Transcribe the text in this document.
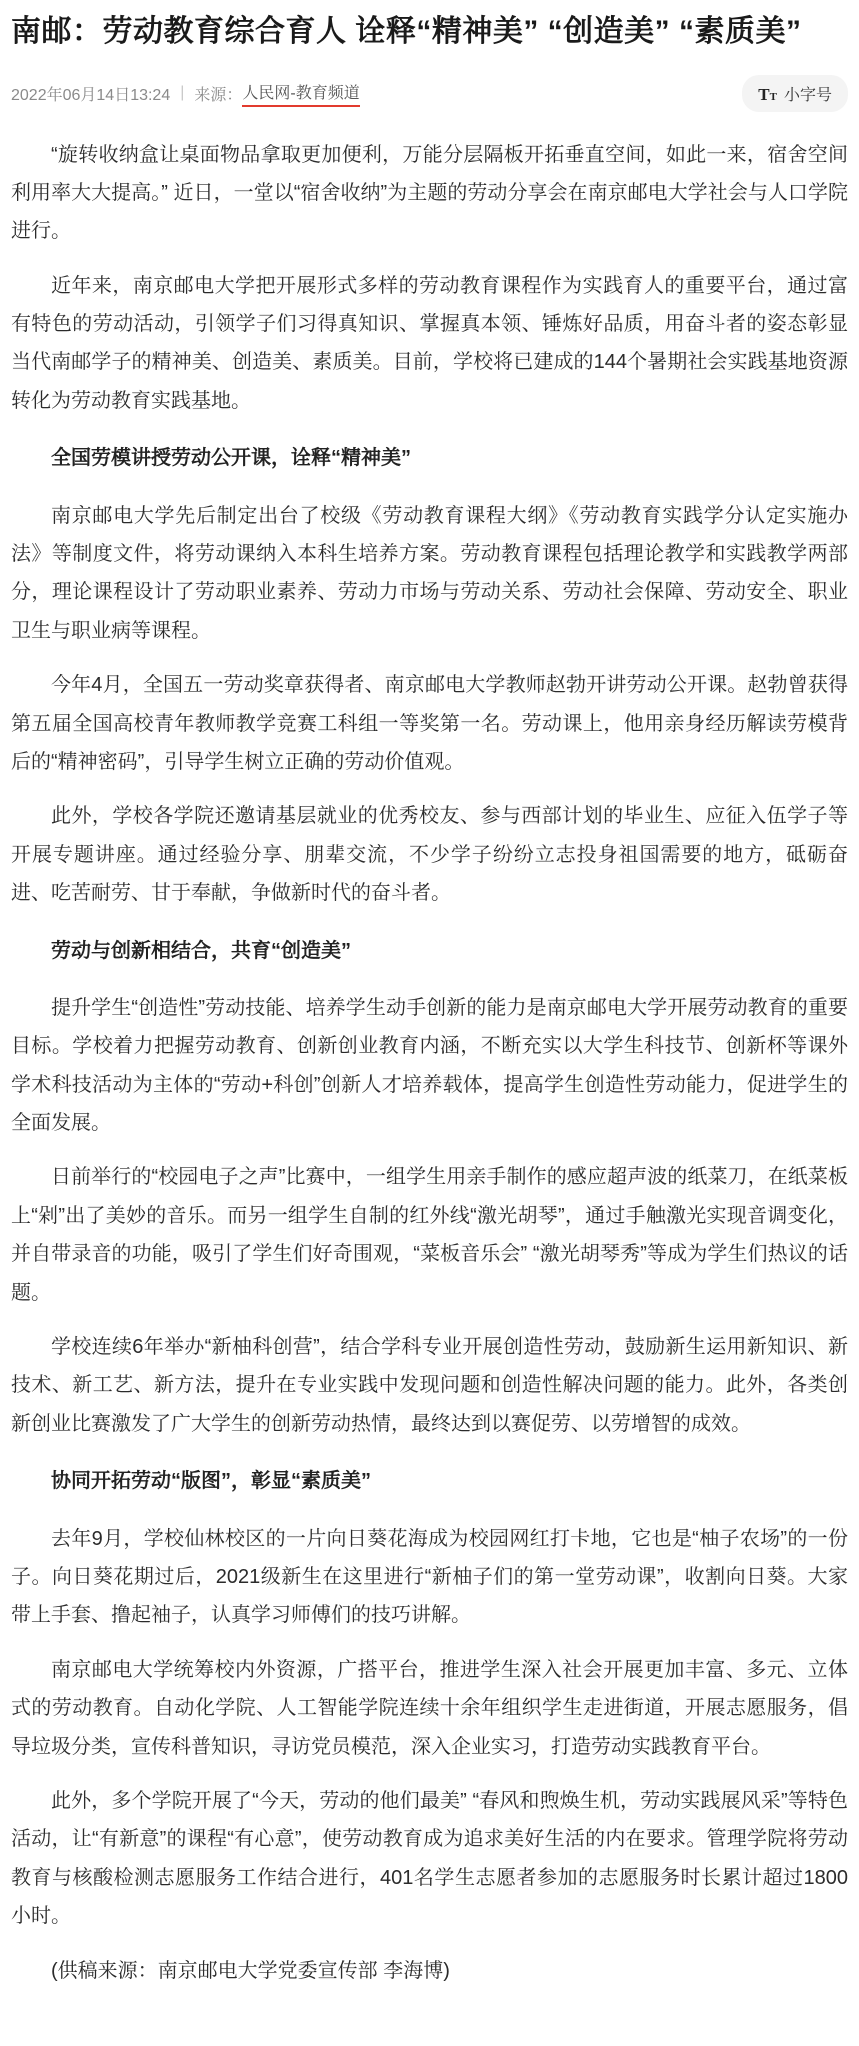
南邮：劳动教育综合育人 诠释“精神美” “创造美” “素质美”
2022年06月14日13:24 | 来源： 人民网-教育频道	TT 小字号

“旋转收纳盒让桌面物品拿取更加便利，万能分层隔板开拓垂直空间，如此一来，宿舍空间利用率大大提高。” 近日，一堂以“宿舍收纳”为主题的劳动分享会在南京邮电大学社会与人口学院进行。

近年来，南京邮电大学把开展形式多样的劳动教育课程作为实践育人的重要平台，通过富有特色的劳动活动，引领学子们习得真知识、掌握真本领、锤炼好品质，用奋斗者的姿态彰显当代南邮学子的精神美、创造美、素质美。目前，学校将已建成的144个暑期社会实践基地资源转化为劳动教育实践基地。

全国劳模讲授劳动公开课，诠释“精神美”

南京邮电大学先后制定出台了校级《劳动教育课程大纲》《劳动教育实践学分认定实施办法》等制度文件，将劳动课纳入本科生培养方案。劳动教育课程包括理论教学和实践教学两部分，理论课程设计了劳动职业素养、劳动力市场与劳动关系、劳动社会保障、劳动安全、职业卫生与职业病等课程。

今年4月，全国五一劳动奖章获得者、南京邮电大学教师赵勃开讲劳动公开课。赵勃曾获得第五届全国高校青年教师教学竞赛工科组一等奖第一名。劳动课上，他用亲身经历解读劳模背后的“精神密码”，引导学生树立正确的劳动价值观。

此外，学校各学院还邀请基层就业的优秀校友、参与西部计划的毕业生、应征入伍学子等开展专题讲座。通过经验分享、朋辈交流，不少学子纷纷立志投身祖国需要的地方，砥砺奋进、吃苦耐劳、甘于奉献，争做新时代的奋斗者。

劳动与创新相结合，共育“创造美”

提升学生“创造性”劳动技能、培养学生动手创新的能力是南京邮电大学开展劳动教育的重要目标。学校着力把握劳动教育、创新创业教育内涵，不断充实以大学生科技节、创新杯等课外学术科技活动为主体的“劳动+科创”创新人才培养载体，提高学生创造性劳动能力，促进学生的全面发展。

日前举行的“校园电子之声”比赛中，一组学生用亲手制作的感应超声波的纸菜刀，在纸菜板上“剁”出了美妙的音乐。而另一组学生自制的红外线“激光胡琴”，通过手触激光实现音调变化，并自带录音的功能，吸引了学生们好奇围观，“菜板音乐会” “激光胡琴秀”等成为学生们热议的话题。

学校连续6年举办“新柚科创营”，结合学科专业开展创造性劳动，鼓励新生运用新知识、新技术、新工艺、新方法，提升在专业实践中发现问题和创造性解决问题的能力。此外，各类创新创业比赛激发了广大学生的创新劳动热情，最终达到以赛促劳、以劳增智的成效。

协同开拓劳动“版图”，彰显“素质美”

去年9月，学校仙林校区的一片向日葵花海成为校园网红打卡地，它也是“柚子农场”的一份子。向日葵花期过后，2021级新生在这里进行“新柚子们的第一堂劳动课”，收割向日葵。大家带上手套、撸起袖子，认真学习师傅们的技巧讲解。

南京邮电大学统筹校内外资源，广搭平台，推进学生深入社会开展更加丰富、多元、立体式的劳动教育。自动化学院、人工智能学院连续十余年组织学生走进街道，开展志愿服务，倡导垃圾分类，宣传科普知识，寻访党员模范，深入企业实习，打造劳动实践教育平台。

此外，多个学院开展了“今天，劳动的他们最美” “春风和煦焕生机，劳动实践展风采”等特色活动，让“有新意”的课程“有心意”，使劳动教育成为追求美好生活的内在要求。管理学院将劳动教育与核酸检测志愿服务工作结合进行，401名学生志愿者参加的志愿服务时长累计超过1800小时。

(供稿来源：南京邮电大学党委宣传部 李海博)
